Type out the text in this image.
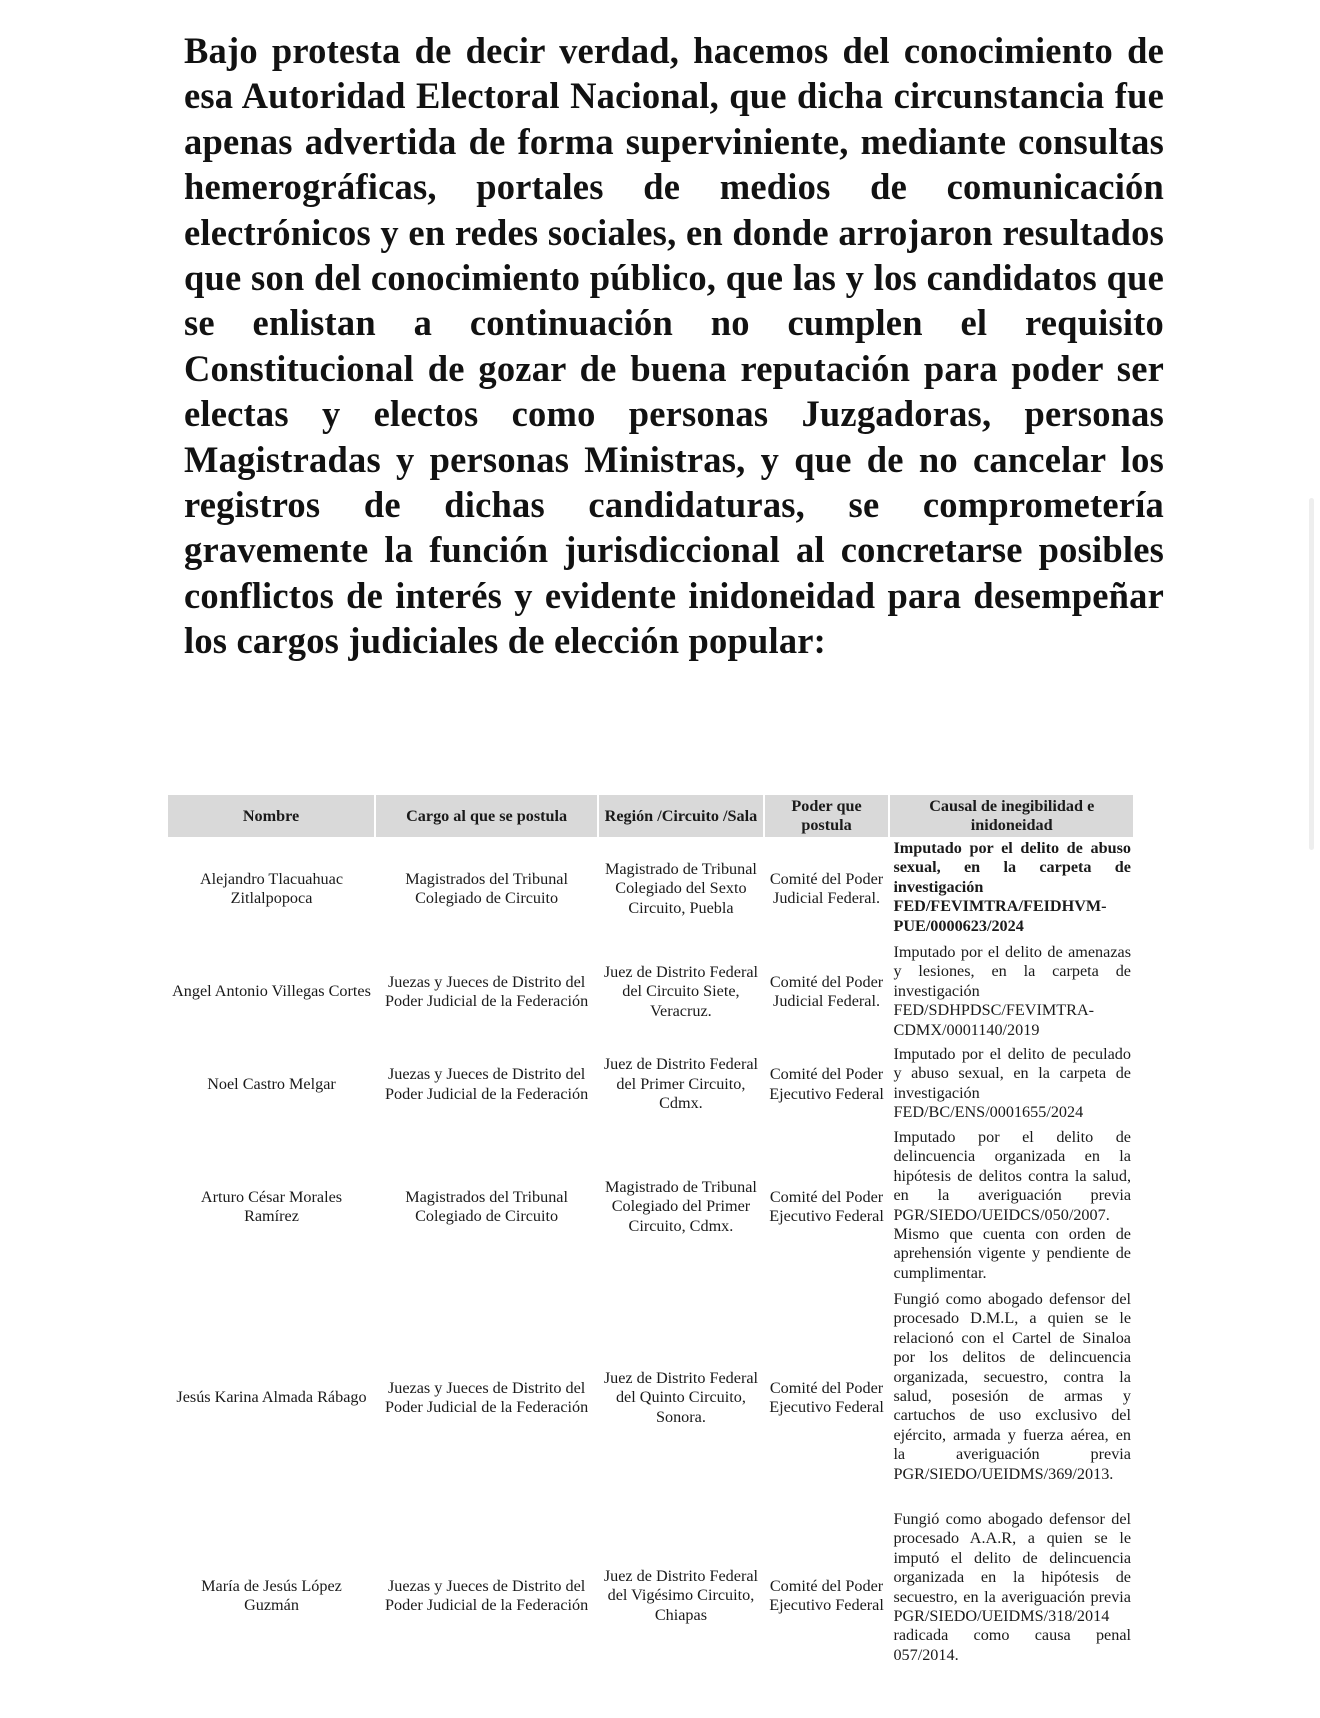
Bajo protesta de decir verdad, hacemos del conocimiento de esa Autoridad Electoral Nacional, que dicha circunstancia fue apenas advertida de forma superviniente, mediante consultas hemerográficas, portales de medios de comunicación electrónicos y en redes sociales, en donde arrojaron resultados que son del conocimiento público, que las y los candidatos que se enlistan a continuación no cumplen el requisito Constitucional de gozar de buena reputación para poder ser electas y electos como personas Juzgadoras, personas Magistradas y personas Ministras, y que de no cancelar los registros de dichas candidaturas, se comprometería gravemente la función jurisdiccional al concretarse posibles conflictos de interés y evidente inidoneidad para desempeñar los cargos judiciales de elección popular:

Nombre	Cargo al que se postula	Región /Circuito /Sala	Poder que postula	Causal de inegibilidad e inidoneidad
Alejandro Tlacuahuac Zitlalpopoca	Magistrados del Tribunal Colegiado de Circuito	Magistrado de Tribunal Colegiado del Sexto Circuito, Puebla	Comité del Poder Judicial Federal.	Imputado por el delito de abuso sexual, en la carpeta de investigación FED/FEVIMTRA/FEIDHVM-PUE/0000623/2024
Angel Antonio Villegas Cortes	Juezas y Jueces de Distrito del Poder Judicial de la Federación	Juez de Distrito Federal del Circuito Siete, Veracruz.	Comité del Poder Judicial Federal.	Imputado por el delito de amenazas y lesiones, en la carpeta de investigación FED/SDHPDSC/FEVIMTRA-CDMX/0001140/2019
Noel Castro Melgar	Juezas y Jueces de Distrito del Poder Judicial de la Federación	Juez de Distrito Federal del Primer Circuito, Cdmx.	Comité del Poder Ejecutivo Federal	Imputado por el delito de peculado y abuso sexual, en la carpeta de investigación FED/BC/ENS/0001655/2024
Arturo César Morales Ramírez	Magistrados del Tribunal Colegiado de Circuito	Magistrado de Tribunal Colegiado del Primer Circuito, Cdmx.	Comité del Poder Ejecutivo Federal	Imputado por el delito de delincuencia organizada en la hipótesis de delitos contra la salud, en la averiguación previa PGR/SIEDO/UEIDCS/050/2007. Mismo que cuenta con orden de aprehensión vigente y pendiente de cumplimentar.
Jesús Karina Almada Rábago	Juezas y Jueces de Distrito del Poder Judicial de la Federación	Juez de Distrito Federal del Quinto Circuito, Sonora.	Comité del Poder Ejecutivo Federal	Fungió como abogado defensor del procesado D.M.L, a quien se le relacionó con el Cartel de Sinaloa por los delitos de delincuencia organizada, secuestro, contra la salud, posesión de armas y cartuchos de uso exclusivo del ejército, armada y fuerza aérea, en la averiguación previa PGR/SIEDO/UEIDMS/369/2013.
María de Jesús López Guzmán	Juezas y Jueces de Distrito del Poder Judicial de la Federación	Juez de Distrito Federal del Vigésimo Circuito, Chiapas	Comité del Poder Ejecutivo Federal	Fungió como abogado defensor del procesado A.A.R, a quien se le imputó el delito de delincuencia organizada en la hipótesis de secuestro, en la averiguación previa PGR/SIEDO/UEIDMS/318/2014 radicada como causa penal 057/2014.
